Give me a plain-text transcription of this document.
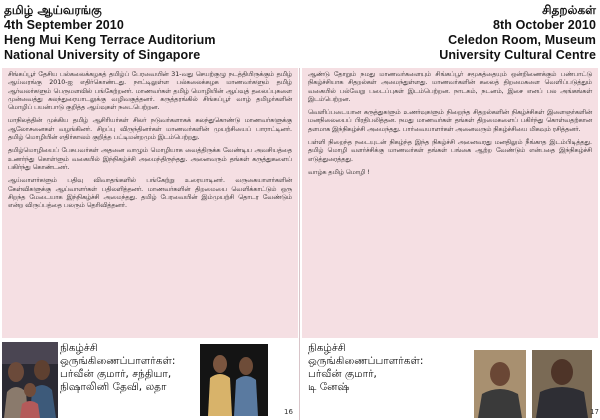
தமிழ் ஆய்வரங்கு
4th September 2010
Heng Mui Keng Terrace Auditorium
National University of Singapore
சிதறல்கள்
8th October 2010
Celedon Room, Museum
University Cultural Centre

சிங்கப்பூர் தேசிய பல்கலைக்கழகத் தமிழ்ப் பேரவையின் 31-வது செயற்குழு நடத்தியிருக்கும் தமிழ் ஆய்வரங்கு 2010-ஐ எதிர்கொண்டது. நாட்டிலுள்ள பல்கலைக்கழக மாணவர்களும் தமிழ் ஆர்வலர்களும் பெருமளவில் பங்கேற்றனர். மாணவர்கள் தமிழ் மொழியின் ஆய்வுத் தலைப்புகளை முன்வைத்து கலந்துரையாடலுக்கு வழிவகுத்தனர். கருத்தரங்கில் சிங்கப்பூர் வாழ் தமிழர்களின் மொழிப் பயன்பாடு குறித்த ஆய்வுகள் நடைபெற்றன.

மாநிலத்தின் முக்கிய தமிழ் ஆசிரியர்கள் சிலர் நடுவர்களாகக் கலந்துகொண்டு மாணவர்களுக்கு ஆலோசனைகள் வழங்கினர். சிறப்பு விருந்தினர்கள் மாணவர்களின் முயற்சியைப் பாராட்டினர். தமிழ் மொழியின் எதிர்காலம் குறித்த பட்டிமன்றமும் இடம்பெற்றது.

தமிழ்மொழியைப் பேசுபவர்கள் அதனை வாழும் மொழியாக வைத்திருக்க வேண்டிய அவசியத்தை உணர்ந்து கொள்ளும் வகையில் இந்நிகழ்ச்சி அமைந்திருந்தது. அனைவரும் தங்கள் கருத்துகளைப் பகிர்ந்து கொண்டனர்.

ஆய்வாளர்களும் பதிவு விவாதங்களில் பங்கேற்று உரையாடினர். வருகையாளர்களின் கேள்விகளுக்கு ஆய்வாளர்கள் பதிலளித்தனர். மாணவர்களின் திறமையை வெளிக்காட்டும் ஒரு சிறந்த மேடையாக இந்நிகழ்ச்சி அமைந்தது. தமிழ் பேரவையின் இம்முயற்சி தொடர வேண்டும் என்ற விருப்பத்தை பலரும் தெரிவித்தனர்.

ஆண்டு தோறும் நமது மாணவர்களையும் சிங்கப்பூர் சமூகத்தையும் ஒன்றிணைக்கும் பண்பாட்டு நிகழ்ச்சியாக சிதறல்கள் அமைந்துள்ளது. மாணவர்களின் கலைத் திறமைகளை வெளிப்படுத்தும் வகையில் பல்வேறு படைப்புகள் இடம்பெற்றன. நாடகம், நடனம், இசை எனப் பல அங்கங்கள் இடம்பெற்றன.

வெளிப்படையான கருத்துகளும் உணர்வுகளும் நிறைந்த சிதறல்களின் நிகழ்ச்சிகள் இளைஞர்களின் மனநிலையைப் பிரதிபலித்தன. நமது மாணவர்கள் தங்கள் திறமைகளைப் பகிர்ந்து கொள்வதற்கான தளமாக இந்நிகழ்ச்சி அமைந்தது. பார்வையாளர்கள் அனைவரும் நிகழ்ச்சியை மிகவும் ரசித்தனர்.

பள்ளி நிறைந்த நடையுடன் நிகழ்ந்த இந்த நிகழ்ச்சி அனைவரது மனதிலும் நீங்காத இடம்பிடித்தது. தமிழ் மொழி வளர்ச்சிக்கு மாணவர்கள் தங்கள் பங்கை ஆற்ற வேண்டும் என்பதை இந்நிகழ்ச்சி எடுத்துரைத்தது.

வாழ்க தமிழ் மொழி !

நிகழ்ச்சி
ஒருங்கிணைப்பாளர்கள்:
பர்வீன் குமார், சந்தியா,
நிஷாலினி தேவி, லதா
16
நிகழ்ச்சி
ஒருங்கிணைப்பாளர்கள்:
பர்வீன் குமார்,
டி னேஷ்
17
